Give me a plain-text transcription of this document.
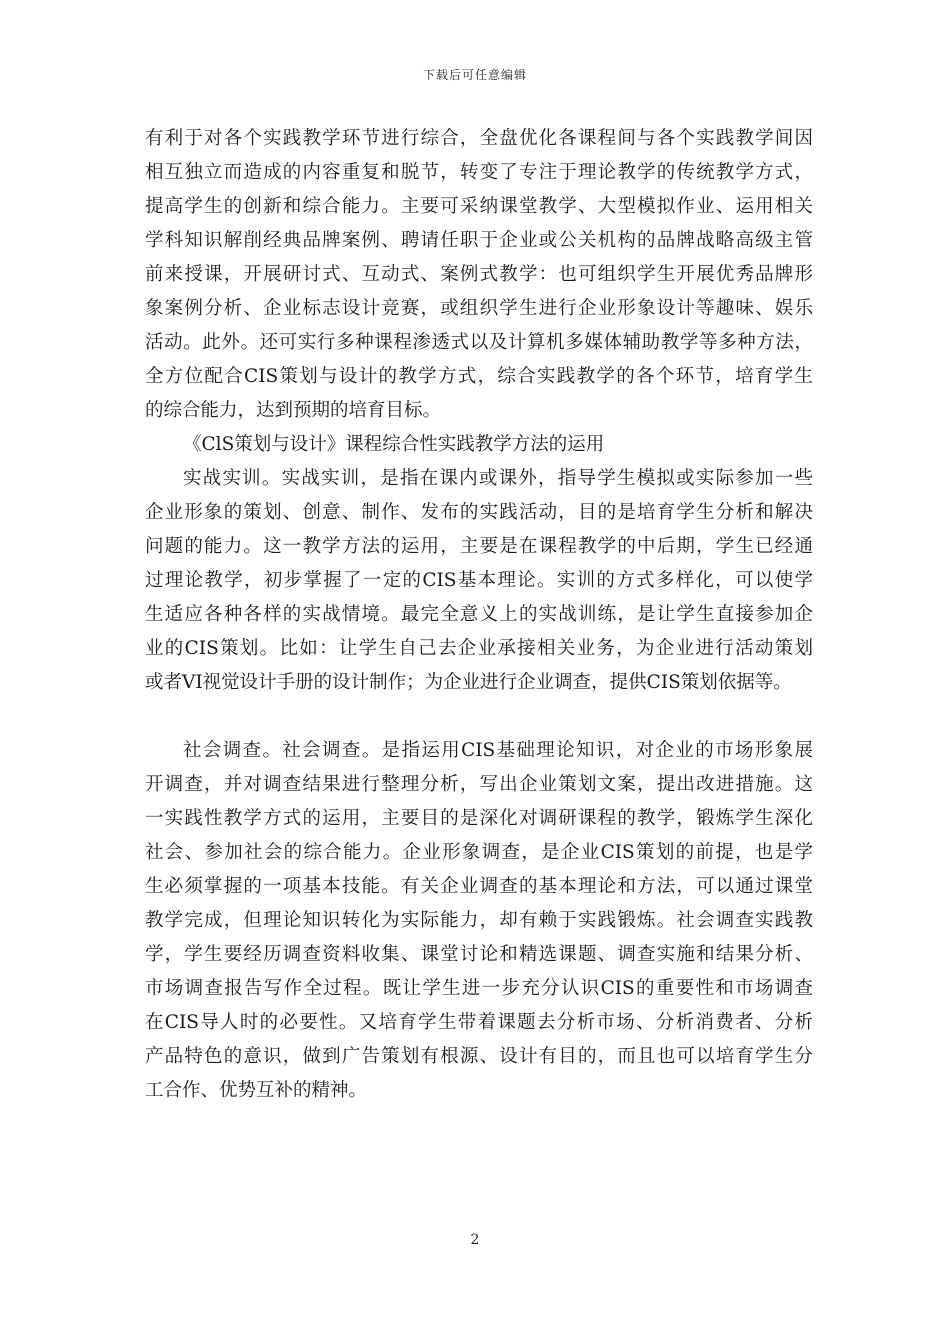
下载后可任意编辑
有利于对各个实践教学环节进行综合，全盘优化各课程间与各个实践教学间因
相互独立而造成的内容重复和脱节，转变了专注于理论教学的传统教学方式，
提高学生的创新和综合能力。主要可采纳课堂教学、大型模拟作业、运用相关
学科知识解削经典品牌案例、聘请任职于企业或公关机构的品牌战略高级主管
前来授课，开展研讨式、互动式、案例式教学：也可组织学生开展优秀品牌形
象案例分析、企业标志设计竞赛，或组织学生进行企业形象设计等趣味、娱乐
活动。此外。还可实行多种课程渗透式以及计算机多媒体辅助教学等多种方法，
全方位配合CIS策划与设计的教学方式，综合实践教学的各个环节，培育学生
的综合能力，达到预期的培育目标。
《ClS策划与设计》课程综合性实践教学方法的运用
实战实训。实战实训，是指在课内或课外，指导学生模拟或实际参加一些
企业形象的策划、创意、制作、发布的实践活动，目的是培育学生分析和解决
问题的能力。这一教学方法的运用，主要是在课程教学的中后期，学生已经通
过理论教学，初步掌握了一定的CIS基本理论。实训的方式多样化，可以使学
生适应各种各样的实战情境。最完全意义上的实战训练，是让学生直接参加企
业的CIS策划。比如：让学生自己去企业承接相关业务，为企业进行活动策划
或者VI视觉设计手册的设计制作；为企业进行企业调查，提供CIS策划依据等。
社会调查。社会调查。是指运用CIS基础理论知识，对企业的市场形象展
开调查，并对调查结果进行整理分析，写出企业策划文案，提出改进措施。这
一实践性教学方式的运用，主要目的是深化对调研课程的教学，锻炼学生深化
社会、参加社会的综合能力。企业形象调查，是企业CIS策划的前提，也是学
生必须掌握的一项基本技能。有关企业调查的基本理论和方法，可以通过课堂
教学完成，但理论知识转化为实际能力，却有赖于实践锻炼。社会调查实践教
学，学生要经历调查资料收集、课堂讨论和精选课题、调查实施和结果分析、
市场调查报告写作全过程。既让学生进一步充分认识CIS的重要性和市场调查
在CIS导人时的必要性。又培育学生带着课题去分析市场、分析消费者、分析
产品特色的意识，做到广告策划有根源、设计有目的，而且也可以培育学生分
工合作、优势互补的精神。
2
